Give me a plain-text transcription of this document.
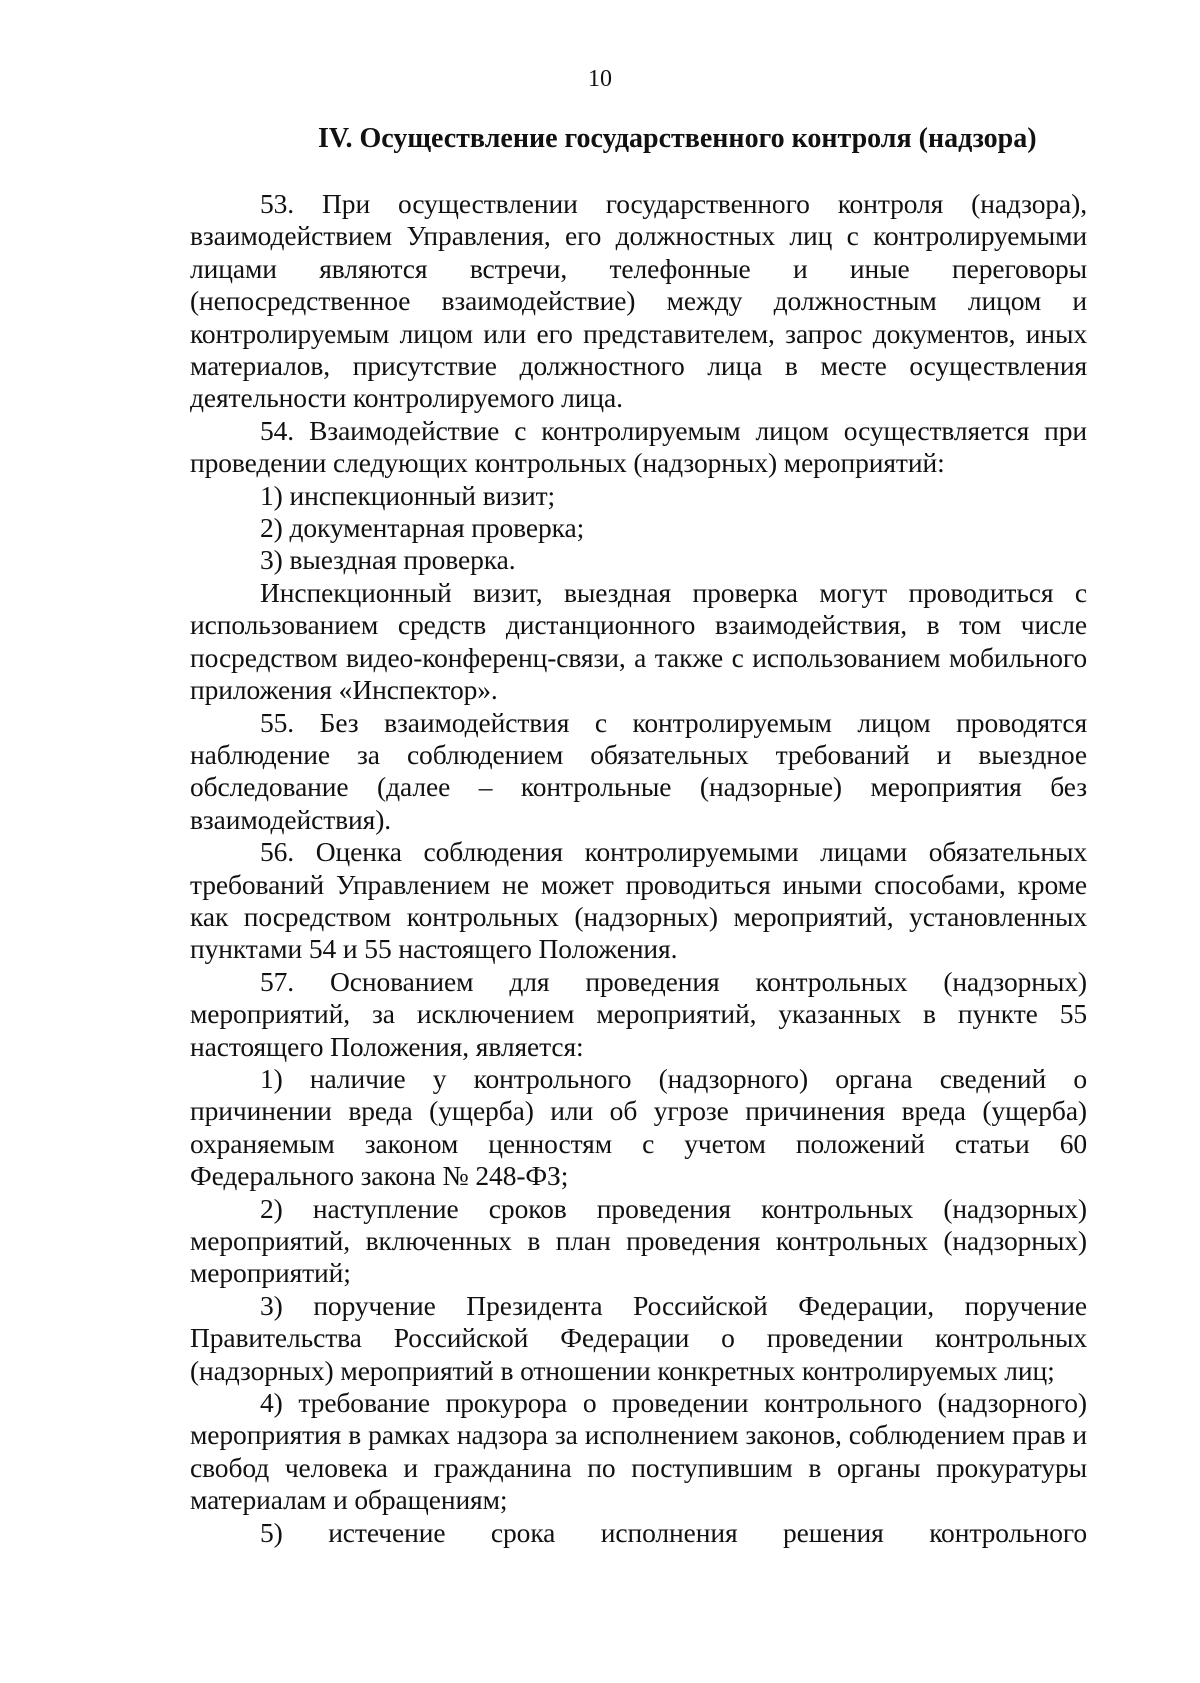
10
IV. Осуществление государственного контроля (надзора)

53. При осуществлении государственного контроля (надзора), взаимодействием Управления, его должностных лиц с контролируемыми лицами являются встречи, телефонные и иные переговоры (непосредственное взаимодействие) между должностным лицом и контролируемым лицом или его представителем, запрос документов, иных материалов, присутствие должностного лица в месте осуществления деятельности контролируемого лица.

54. Взаимодействие с контролируемым лицом осуществляется при проведении следующих контрольных (надзорных) мероприятий:

1) инспекционный визит;

2) документарная проверка;

3) выездная проверка.

Инспекционный визит, выездная проверка могут проводиться с использованием средств дистанционного взаимодействия, в том числе посредством видео-конференц-связи, а также с использованием мобильного приложения «Инспектор».

55. Без взаимодействия с контролируемым лицом проводятся наблюдение за соблюдением обязательных требований и выездное обследование (далее – контрольные (надзорные) мероприятия без взаимодействия).

56. Оценка соблюдения контролируемыми лицами обязательных требований Управлением не может проводиться иными способами, кроме как посредством контрольных (надзорных) мероприятий, установленных пунктами 54 и 55 настоящего Положения.

57. Основанием для проведения контрольных (надзорных) мероприятий, за исключением мероприятий, указанных в пункте 55 настоящего Положения, является:

1) наличие у контрольного (надзорного) органа сведений о причинении вреда (ущерба) или об угрозе причинения вреда (ущерба) охраняемым законом ценностям с учетом положений статьи 60 Федерального закона № 248-ФЗ;

2) наступление сроков проведения контрольных (надзорных) мероприятий, включенных в план проведения контрольных (надзорных) мероприятий;

3) поручение Президента Российской Федерации, поручение Правительства Российской Федерации о проведении контрольных (надзорных) мероприятий в отношении конкретных контролируемых лиц;

4) требование прокурора о проведении контрольного (надзорного) мероприятия в рамках надзора за исполнением законов, соблюдением прав и свобод человека и гражданина по поступившим в органы прокуратуры материалам и обращениям;

5) истечение срока исполнения решения контрольного
